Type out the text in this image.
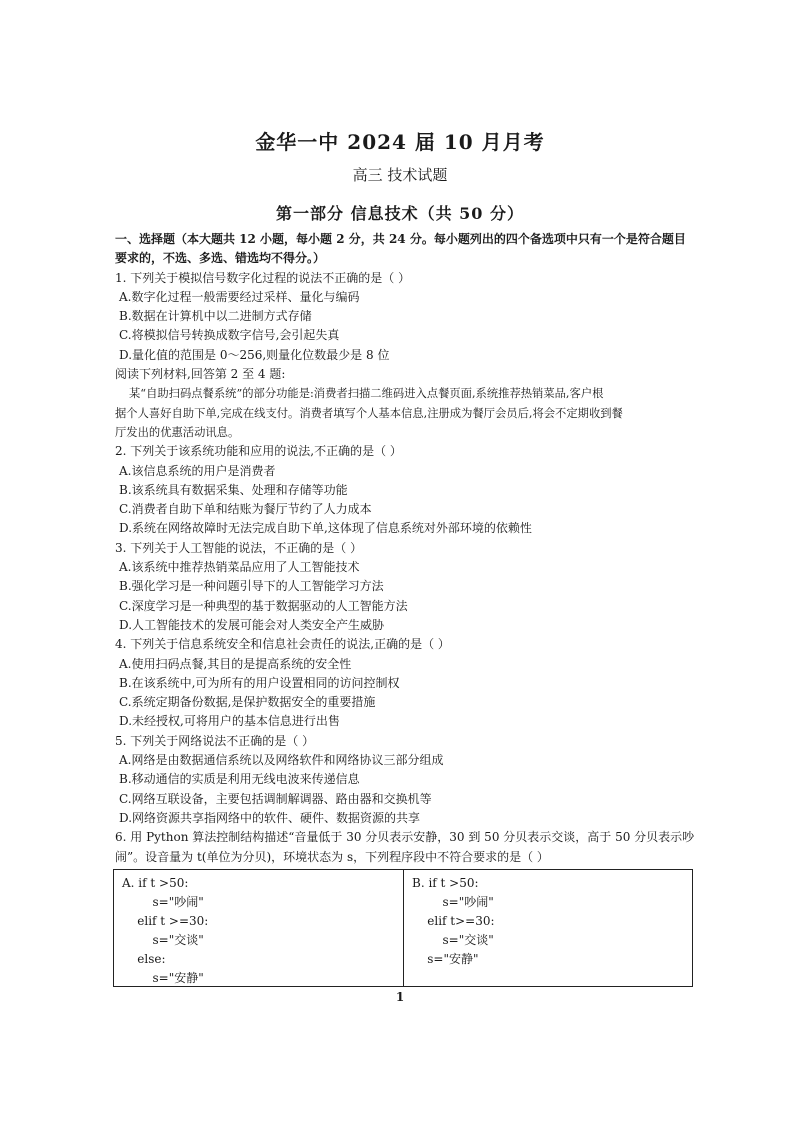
金华一中 2024 届 10 月月考
高三 技术试题
第一部分 信息技术（共 50 分）

一、选择题（本大题共 12 小题，每小题 2 分，共 24 分。每小题列出的四个备选项中只有一个是符合题目

要求的，不选、多选、错选均不得分。）

1. 下列关于模拟信号数字化过程的说法不正确的是（ ）

A.数字化过程一般需要经过采样、量化与编码

B.数据在计算机中以二进制方式存储

C.将模拟信号转换成数字信号,会引起失真

D.量化值的范围是 0～256,则量化位数最少是 8 位

阅读下列材料,回答第 2 至 4 题:

某“自助扫码点餐系统”的部分功能是:消费者扫描二维码进入点餐页面,系统推荐热销菜品,客户根

据个人喜好自助下单,完成在线支付。消费者填写个人基本信息,注册成为餐厅会员后,将会不定期收到餐

厅发出的优惠活动讯息。

2. 下列关于该系统功能和应用的说法,不正确的是（ ）

A.该信息系统的用户是消费者

B.该系统具有数据采集、处理和存储等功能

C.消费者自助下单和结账为餐厅节约了人力成本

D.系统在网络故障时无法完成自助下单,这体现了信息系统对外部环境的依赖性

3. 下列关于人工智能的说法，不正确的是（ ）

A.该系统中推荐热销菜品应用了人工智能技术

B.强化学习是一种问题引导下的人工智能学习方法

C.深度学习是一种典型的基于数据驱动的人工智能方法

D.人工智能技术的发展可能会对人类安全产生威胁

4. 下列关于信息系统安全和信息社会责任的说法,正确的是（ ）

A.使用扫码点餐,其目的是提高系统的安全性

B.在该系统中,可为所有的用户设置相同的访问控制权

C.系统定期备份数据,是保护数据安全的重要措施

D.未经授权,可将用户的基本信息进行出售

5. 下列关于网络说法不正确的是（ ）

A.网络是由数据通信系统以及网络软件和网络协议三部分组成

B.移动通信的实质是利用无线电波来传递信息

C.网络互联设备，主要包括调制解调器、路由器和交换机等

D.网络资源共享指网络中的软件、硬件、数据资源的共享

6. 用 Python 算法控制结构描述“音量低于 30 分贝表示安静，30 到 50 分贝表示交谈，高于 50 分贝表示吵

闹”。设音量为 t(单位为分贝)，环境状态为 s，下列程序段中不符合要求的是（ ）

A. if t >50:

s="吵闹"

elif t >=30:

s="交谈"

else:

s="安静"

B. if t >50:

s="吵闹"

elif t>=30:

s="交谈"

s="安静"

1
